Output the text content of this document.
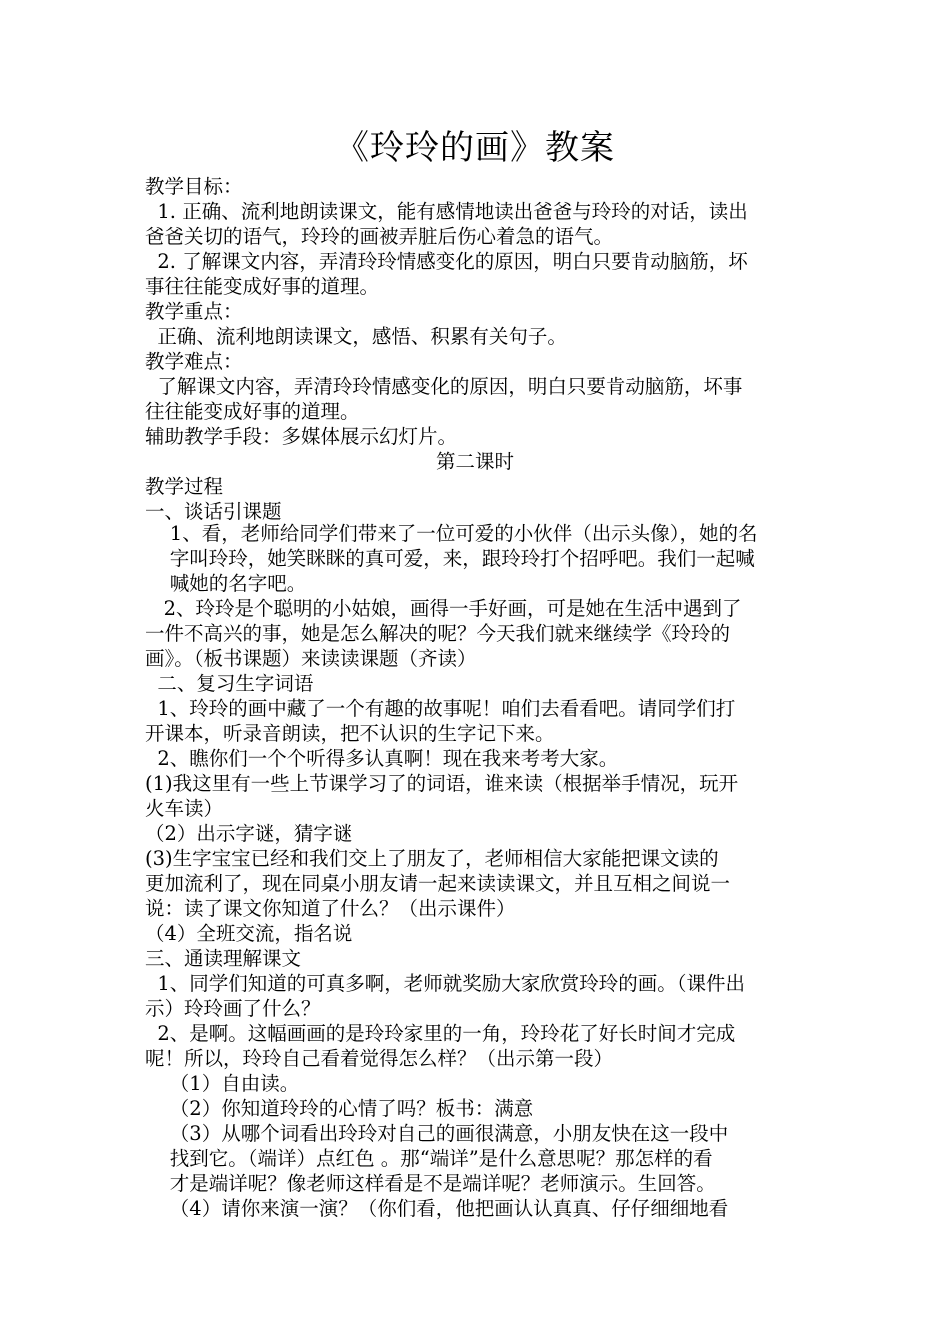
《玲玲的画》教案
教学目标：
1. 正确、流利地朗读课文，能有感情地读出爸爸与玲玲的对话，读出
爸爸关切的语气，玲玲的画被弄脏后伤心着急的语气。
2. 了解课文内容，弄清玲玲情感变化的原因，明白只要肯动脑筋，坏
事往往能变成好事的道理。
教学重点：
正确、流利地朗读课文，感悟、积累有关句子。
教学难点：
了解课文内容，弄清玲玲情感变化的原因，明白只要肯动脑筋，坏事
往往能变成好事的道理。
辅助教学手段：多媒体展示幻灯片。
第二课时
教学过程
一、谈话引课题
1、看，老师给同学们带来了一位可爱的小伙伴（出示头像），她的名
字叫玲玲，她笑眯眯的真可爱，来，跟玲玲打个招呼吧。我们一起喊
喊她的名字吧。
2、玲玲是个聪明的小姑娘，画得一手好画，可是她在生活中遇到了
一件不高兴的事，她是怎么解决的呢？今天我们就来继续学《玲玲的
画》。（板书课题）来读读课题（齐读）
二、复习生字词语
1、玲玲的画中藏了一个有趣的故事呢！咱们去看看吧。请同学们打
开课本，听录音朗读，把不认识的生字记下来。
2、瞧你们一个个听得多认真啊！现在我来考考大家。
(1)我这里有一些上节课学习了的词语，谁来读（根据举手情况，玩开
火车读）
（2）出示字谜，猜字谜
(3)生字宝宝已经和我们交上了朋友了，老师相信大家能把课文读的
更加流利了，现在同桌小朋友请一起来读读课文，并且互相之间说一
说：读了课文你知道了什么？（出示课件）
（4）全班交流，指名说
三、通读理解课文
1、同学们知道的可真多啊，老师就奖励大家欣赏玲玲的画。（课件出
示）玲玲画了什么？
2、是啊。这幅画画的是玲玲家里的一角，玲玲花了好长时间才完成
呢！所以，玲玲自己看着觉得怎么样？（出示第一段）
（1）自由读。
（2）你知道玲玲的心情了吗？板书：满意
（3）从哪个词看出玲玲对自己的画很满意，小朋友快在这一段中
找到它。（端详）点红色 。那“端详”是什么意思呢？那怎样的看
才是端详呢？像老师这样看是不是端详呢？老师演示。生回答。
（4）请你来演一演？（你们看，他把画认认真真、仔仔细细地看
